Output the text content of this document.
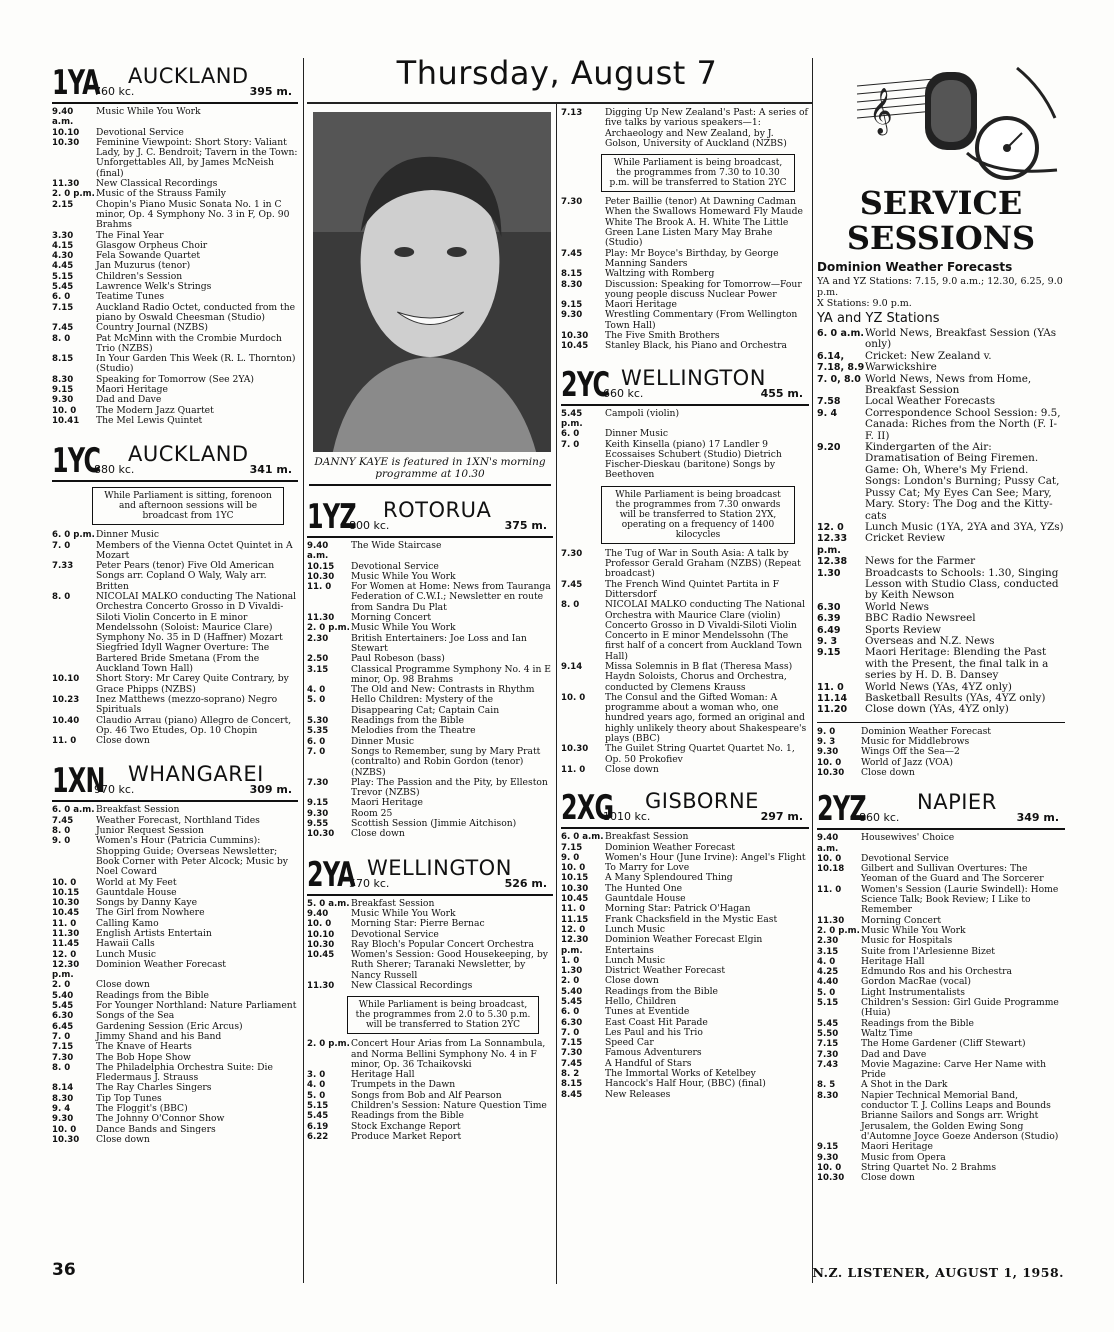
Thursday, August 7
1YA
760 kc.
AUCKLAND
395 m.
9.40 a.m.
Music While You Work
10.10	Devotional Service
10.30	Feminine Viewpoint: Short Story: Valiant Lady, by J. C. Bendroit; Tavern in the Town: Unforgettables All, by James McNeish (final)
11.30	New Classical Recordings
2. 0 p.m. Music of the Strauss Family
2.15	Chopin's Piano Music Sonata No. 1 in C minor, Op. 4 Symphony No. 3 in F, Op. 90 Brahms
3.30	The Final Year
4.15	Glasgow Orpheus Choir
4.30	Fela Sowande Quartet
4.45	Jan Muzurus (tenor)
5.15	Children's Session
5.45	Lawrence Welk's Strings
6. 0	Teatime Tunes
7.15	Auckland Radio Octet, conducted from the piano by Oswald Cheesman (Studio)
7.45	Country Journal (NZBS)
8. 0	Pat McMinn with the Crombie Murdoch Trio (NZBS)
8.15	In Your Garden This Week (R. L. Thornton) (Studio)
8.30	Speaking for Tomorrow (See 2YA)
9.15	Maori Heritage
9.30	Dad and Dave
10. 0	The Modern Jazz Quartet
10.41	The Mel Lewis Quintet
1YC
880 kc.
AUCKLAND
341 m.
While Parliament is sitting, forenoon and afternoon sessions will be broadcast from 1YC
6. 0 p.m. Dinner Music
7. 0	Members of the Vienna Octet Quintet in A Mozart
7.33	Peter Pears (tenor) Five Old American Songs arr. Copland O Waly, Waly arr. Britten
8. 0	NICOLAI MALKO conducting The National Orchestra Concerto Grosso in D Vivaldi-Siloti Violin Concerto in E minor Mendelssohn (Soloist: Maurice Clare) Symphony No. 35 in D (Haffner) Mozart Siegfried Idyll Wagner Overture: The Bartered Bride Smetana (From the Auckland Town Hall)
10.10	Short Story: Mr Carey Quite Contrary, by Grace Phipps (NZBS)
10.23	Inez Matthews (mezzo-soprano) Negro Spirituals
10.40	Claudio Arrau (piano) Allegro de Concert, Op. 46 Two Etudes, Op. 10 Chopin
11. 0	Close down
1XN
970 kc.
WHANGAREI
309 m.
6. 0 a.m. Breakfast Session
7.45	Weather Forecast, Northland Tides
8. 0	Junior Request Session
9. 0	Women's Hour (Patricia Cummins): Shopping Guide; Overseas Newsletter; Book Corner with Peter Alcock; Music by Noel Coward
10. 0	World at My Feet
10.15	Gauntdale House
10.30	Songs by Danny Kaye
10.45	The Girl from Nowhere
11. 0	Calling Kamo
11.30	English Artists Entertain
11.45	Hawaii Calls
12. 0	Lunch Music
12.30 p.m.
Dominion Weather Forecast
2. 0	Close down
5.40	Readings from the Bible
5.45	For Younger Northland: Nature Parliament
6.30	Songs of the Sea
6.45	Gardening Session (Eric Arcus)
7. 0	Jimmy Shand and his Band
7.15	The Knave of Hearts
7.30	The Bob Hope Show
8. 0	The Philadelphia Orchestra Suite: Die Fledermaus J. Strauss
8.14	The Ray Charles Singers
8.30	Tip Top Tunes
9. 4	The Floggit's (BBC)
9.30	The Johnny O'Connor Show
10. 0	Dance Bands and Singers
10.30	Close down
DANNY KAYE is featured in 1XN's morning programme at 10.30
1YZ
800 kc.
ROTORUA
375 m.
9.40 a.m.
The Wide Staircase
10.15	Devotional Service
10.30	Music While You Work
11. 0	For Women at Home: News from Tauranga Federation of C.W.I.; Newsletter en route from Sandra Du Plat
11.30	Morning Concert
2. 0 p.m. Music While You Work
2.30	British Entertainers: Joe Loss and Ian Stewart
2.50	Paul Robeson (bass)
3.15	Classical Programme Symphony No. 4 in E minor, Op. 98 Brahms
4. 0	The Old and New: Contrasts in Rhythm
5. 0	Hello Children: Mystery of the Disappearing Cat; Captain Cain
5.30	Readings from the Bible
5.35	Melodies from the Theatre
6. 0	Dinner Music
7. 0	Songs to Remember, sung by Mary Pratt (contralto) and Robin Gordon (tenor) (NZBS)
7.30	Play: The Passion and the Pity, by Elleston Trevor (NZBS)
9.15	Maori Heritage
9.30	Room 25
9.55	Scottish Session (Jimmie Aitchison)
10.30	Close down
2YA
570 kc.
WELLINGTON
526 m.
5. 0 a.m. Breakfast Session
9.40	Music While You Work
10. 0	Morning Star: Pierre Bernac
10.10	Devotional Service
10.30	Ray Bloch's Popular Concert Orchestra
10.45	Women's Session: Good Housekeeping, by Ruth Sherer; Taranaki Newsletter, by Nancy Russell
11.30	New Classical Recordings
While Parliament is being broadcast, the programmes from 2.0 to 5.30 p.m. will be transferred to Station 2YC
2. 0 p.m. Concert Hour Arias from La Sonnambula, and Norma Bellini Symphony No. 4 in F minor, Op. 36 Tchaikovski
3. 0	Heritage Hall
4. 0	Trumpets in the Dawn
5. 0	Songs from Bob and Alf Pearson
5.15	Children's Session: Nature Question Time
5.45	Readings from the Bible
6.19	Stock Exchange Report
6.22	Produce Market Report
7.13	Digging Up New Zealand's Past: A series of five talks by various speakers—1: Archaeology and New Zealand, by J. Golson, University of Auckland (NZBS)
While Parliament is being broadcast, the programmes from 7.30 to 10.30 p.m. will be transferred to Station 2YC
7.30	Peter Baillie (tenor) At Dawning Cadman When the Swallows Homeward Fly Maude White The Brook A. H. White The Little Green Lane Listen Mary May Brahe (Studio)
7.45	Play: Mr Boyce's Birthday, by George Manning Sanders
8.15	Waltzing with Romberg
8.30	Discussion: Speaking for Tomorrow—Four young people discuss Nuclear Power
9.15	Maori Heritage
9.30	Wrestling Commentary (From Wellington Town Hall)
10.30	The Five Smith Brothers
10.45	Stanley Black, his Piano and Orchestra
2YC
660 kc.
WELLINGTON
455 m.
5.45 p.m.
Campoli (violin)
6. 0	Dinner Music
7. 0	Keith Kinsella (piano) 17 Landler 9 Ecossaises Schubert (Studio) Dietrich Fischer-Dieskau (baritone) Songs by Beethoven
While Parliament is being broadcast the programmes from 7.30 onwards will be transferred to Station 2YX, operating on a frequency of 1400 kilocycles
7.30	The Tug of War in South Asia: A talk by Professor Gerald Graham (NZBS) (Repeat broadcast)
7.45	The French Wind Quintet Partita in F Dittersdorf
8. 0	NICOLAI MALKO conducting The National Orchestra with Maurice Clare (violin) Concerto Grosso in D Vivaldi-Siloti Violin Concerto in E minor Mendelssohn (The first half of a concert from Auckland Town Hall)
9.14	Missa Solemnis in B flat (Theresa Mass) Haydn Soloists, Chorus and Orchestra, conducted by Clemens Krauss
10. 0	The Consul and the Gifted Woman: A programme about a woman who, one hundred years ago, formed an original and highly unlikely theory about Shakespeare's plays (BBC)
10.30	The Guilet String Quartet Quartet No. 1, Op. 50 Prokofiev
11. 0	Close down
2XG
1010 kc.
GISBORNE
297 m.
6. 0 a.m. Breakfast Session
7.15	Dominion Weather Forecast
9. 0	Women's Hour (June Irvine): Angel's Flight
10. 0	To Marry for Love
10.15	A Many Splendoured Thing
10.30	The Hunted One
10.45	Gauntdale House
11. 0	Morning Star: Patrick O'Hagan
11.15	Frank Chacksfield in the Mystic East
12. 0	Lunch Music
12.30 p.m.
Dominion Weather Forecast Elgin Entertains
1. 0	Lunch Music
1.30	District Weather Forecast
2. 0	Close down
5.40	Readings from the Bible
5.45	Hello, Children
6. 0	Tunes at Eventide
6.30	East Coast Hit Parade
7. 0	Les Paul and his Trio
7.15	Speed Car
7.30	Famous Adventurers
7.45	A Handful of Stars
8. 2	The Immortal Works of Ketelbey
8.15	Hancock's Half Hour, (BBC) (final)
8.45	New Releases
𝄞
SERVICE
SESSIONS
Dominion Weather Forecasts
YA and YZ Stations: 7.15, 9.0 a.m.; 12.30, 6.25, 9.0 p.m.
X Stations: 9.0 p.m.
YA and YZ Stations
6. 0 a.m. World News, Breakfast Session (YAs only)
6.14, 7.18, 8.9
Cricket: New Zealand v. Warwickshire
7. 0, 8.0 World News, News from Home, Breakfast Session
7.58	Local Weather Forecasts
9. 4	Correspondence School Session: 9.5, Canada: Riches from the North (F. I-F. II)
9.20	Kindergarten of the Air: Dramatisation of Being Firemen. Game: Oh, Where's My Friend. Songs: London's Burning; Pussy Cat, Pussy Cat; My Eyes Can See; Mary, Mary. Story: The Dog and the Kitty-cats
12. 0	Lunch Music (1YA, 2YA and 3YA, YZs)
12.33 p.m.
Cricket Review
12.38	News for the Farmer
1.30	Broadcasts to Schools: 1.30, Singing Lesson with Studio Class, conducted by Keith Newson
6.30	World News
6.39	BBC Radio Newsreel
6.49	Sports Review
9. 3	Overseas and N.Z. News
9.15	Maori Heritage: Blending the Past with the Present, the final talk in a series by H. D. B. Dansey
11. 0	World News (YAs, 4YZ only)
11.14	Basketball Results (YAs, 4YZ only)
11.20	Close down (YAs, 4YZ only)
9. 0	Dominion Weather Forecast
9. 3	Music for Middlebrows
9.30	Wings Off the Sea—2
10. 0	World of Jazz (VOA)
10.30	Close down
2YZ
860 kc.
NAPIER
349 m.
9.40 a.m.
Housewives' Choice
10. 0	Devotional Service
10.18	Gilbert and Sullivan Overtures: The Yeoman of the Guard and The Sorcerer
11. 0	Women's Session (Laurie Swindell): Home Science Talk; Book Review; I Like to Remember
11.30	Morning Concert
2. 0 p.m. Music While You Work
2.30	Music for Hospitals
3.15	Suite from l'Arlesienne Bizet
4. 0	Heritage Hall
4.25	Edmundo Ros and his Orchestra
4.40	Gordon MacRae (vocal)
5. 0	Light Instrumentalists
5.15	Children's Session: Girl Guide Programme (Huia)
5.45	Readings from the Bible
5.50	Waltz Time
7.15	The Home Gardener (Cliff Stewart)
7.30	Dad and Dave
7.43	Movie Magazine: Carve Her Name with Pride
8. 5	A Shot in the Dark
8.30	Napier Technical Memorial Band, conductor T. J. Collins Leaps and Bounds Brianne Sailors and Songs arr. Wright Jerusalem, the Golden Ewing Song d'Automne Joyce Goeze Anderson (Studio)
9.15	Maori Heritage
9.30	Music from Opera
10. 0	String Quartet No. 2 Brahms
10.30	Close down
36	N.Z. LISTENER, AUGUST 1, 1958.
